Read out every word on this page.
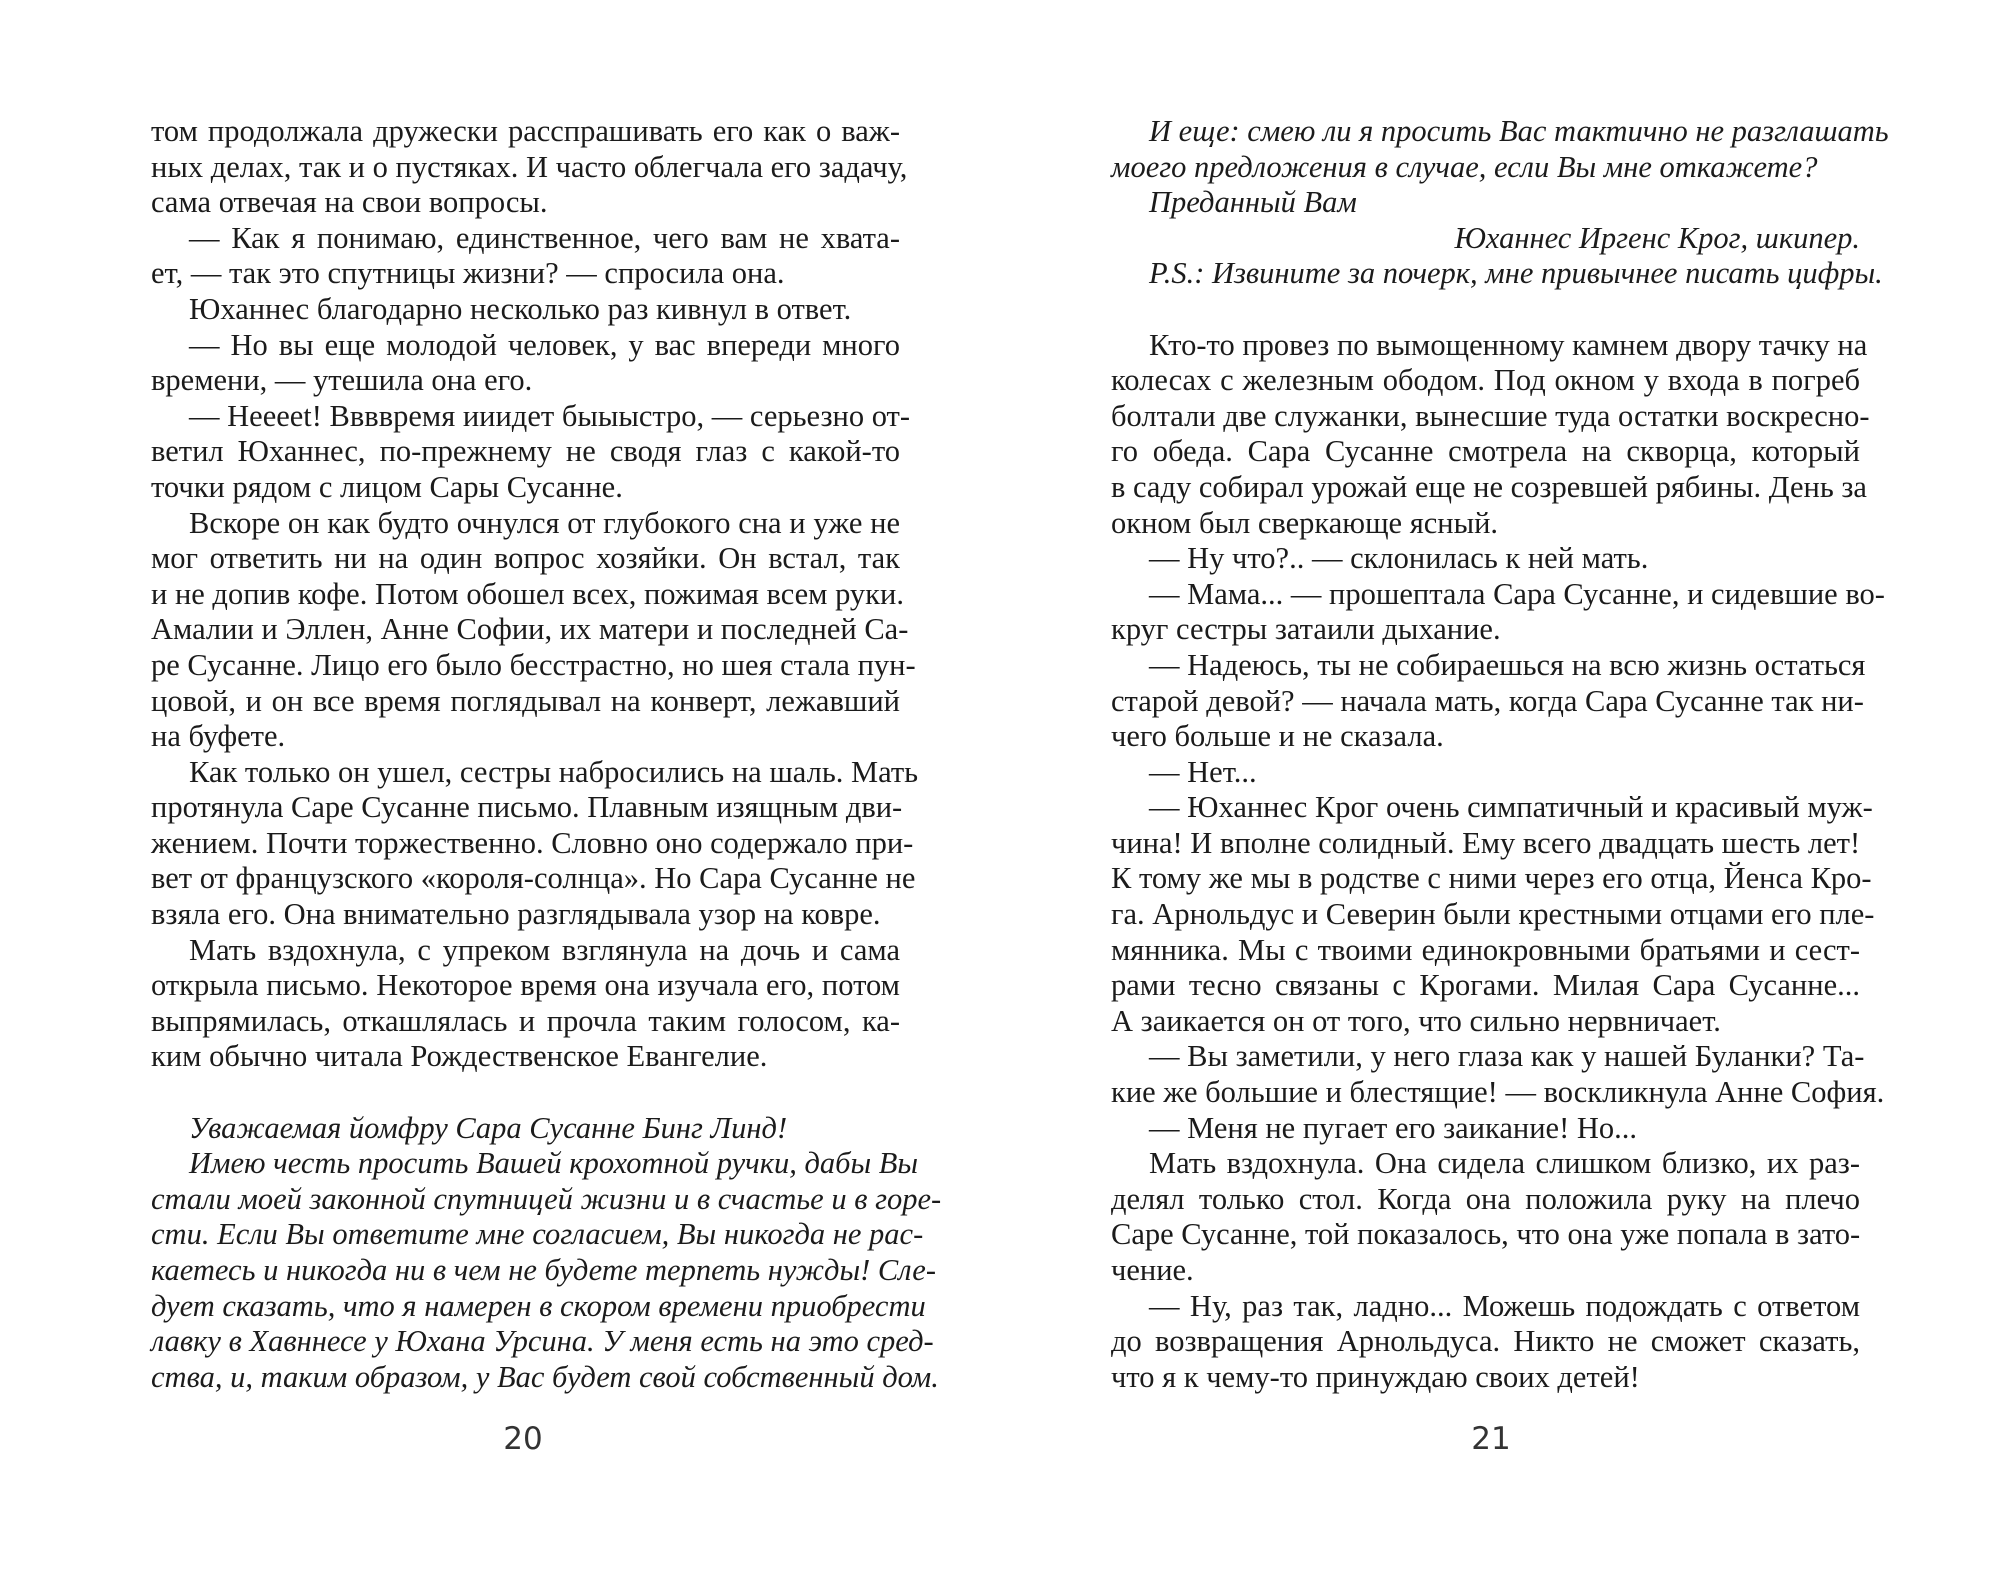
том продолжала дружески расспрашивать его как о важ-
ных делах, так и о пустяках. И часто облегчала его задачу,
сама отвечая на свои вопросы.
— Как я понимаю, единственное, чего вам не хвата-
ет, — так это спутницы жизни? — спросила она.
Юханнес благодарно несколько раз кивнул в ответ.
— Но вы еще молодой человек, у вас впереди много
времени, — утешила она его.
— Нееeet! Ввввремя ииидет быыыстро, — серьезно от-
ветил Юханнес, по-прежнему не сводя глаз с какой-то
точки рядом с лицом Сары Сусанне.
Вскоре он как будто очнулся от глубокого сна и уже не
мог ответить ни на один вопрос хозяйки. Он встал, так
и не допив кофе. Потом обошел всех, пожимая всем руки.
Амалии и Эллен, Анне Софии, их матери и последней Са-
ре Сусанне. Лицо его было бесстрастно, но шея стала пун-
цовой, и он все время поглядывал на конверт, лежавший
на буфете.
Как только он ушел, сестры набросились на шаль. Мать
протянула Саре Сусанне письмо. Плавным изящным дви-
жением. Почти торжественно. Словно оно содержало при-
вет от французского «короля-солнца». Но Сара Сусанне не
взяла его. Она внимательно разглядывала узор на ковре.
Мать вздохнула, с упреком взглянула на дочь и сама
открыла письмо. Некоторое время она изучала его, потом
выпрямилась, откашлялась и прочла таким голосом, ка-
ким обычно читала Рождественское Евангелие.
Уважаемая йомфру Сара Сусанне Бинг Линд!
Имею честь просить Вашей крохотной ручки, дабы Вы
стали моей законной спутницей жизни и в счастье и в горе-
сти. Если Вы ответите мне согласием, Вы никогда не рас-
каетесь и никогда ни в чем не будете терпеть нужды! Сле-
дует сказать, что я намерен в скором времени приобрести
лавку в Хавннесе у Юхана Урсина. У меня есть на это сред-
ства, и, таким образом, у Вас будет свой собственный дом.
20
И еще: смею ли я просить Вас тактично не разглашать
моего предложения в случае, если Вы мне откажете?
Преданный Вам
Юханнес Иргенс Крог, шкипер.
P.S.: Извините за почерк, мне привычнее писать цифры.
Кто-то провез по вымощенному камнем двору тачку на
колесах с железным ободом. Под окном у входа в погреб
болтали две служанки, вынесшие туда остатки воскресно-
го обеда. Сара Сусанне смотрела на скворца, который
в саду собирал урожай еще не созревшей рябины. День за
окном был сверкающе ясный.
— Ну что?.. — склонилась к ней мать.
— Мама... — прошептала Сара Сусанне, и сидевшие во-
круг сестры затаили дыхание.
— Надеюсь, ты не собираешься на всю жизнь остаться
старой девой? — начала мать, когда Сара Сусанне так ни-
чего больше и не сказала.
— Нет...
— Юханнес Крог очень симпатичный и красивый муж-
чина! И вполне солидный. Ему всего двадцать шесть лет!
К тому же мы в родстве с ними через его отца, Йенса Кро-
га. Арнольдус и Северин были крестными отцами его пле-
мянника. Мы с твоими единокровными братьями и сест-
рами тесно связаны с Крогами. Милая Сара Сусанне...
А заикается он от того, что сильно нервничает.
— Вы заметили, у него глаза как у нашей Буланки? Та-
кие же большие и блестящие! — воскликнула Анне София.
— Меня не пугает его заикание! Но...
Мать вздохнула. Она сидела слишком близко, их раз-
делял только стол. Когда она положила руку на плечо
Саре Сусанне, той показалось, что она уже попала в зато-
чение.
— Ну, раз так, ладно... Можешь подождать с ответом
до возвращения Арнольдуса. Никто не сможет сказать,
что я к чему-то принуждаю своих детей!
21
